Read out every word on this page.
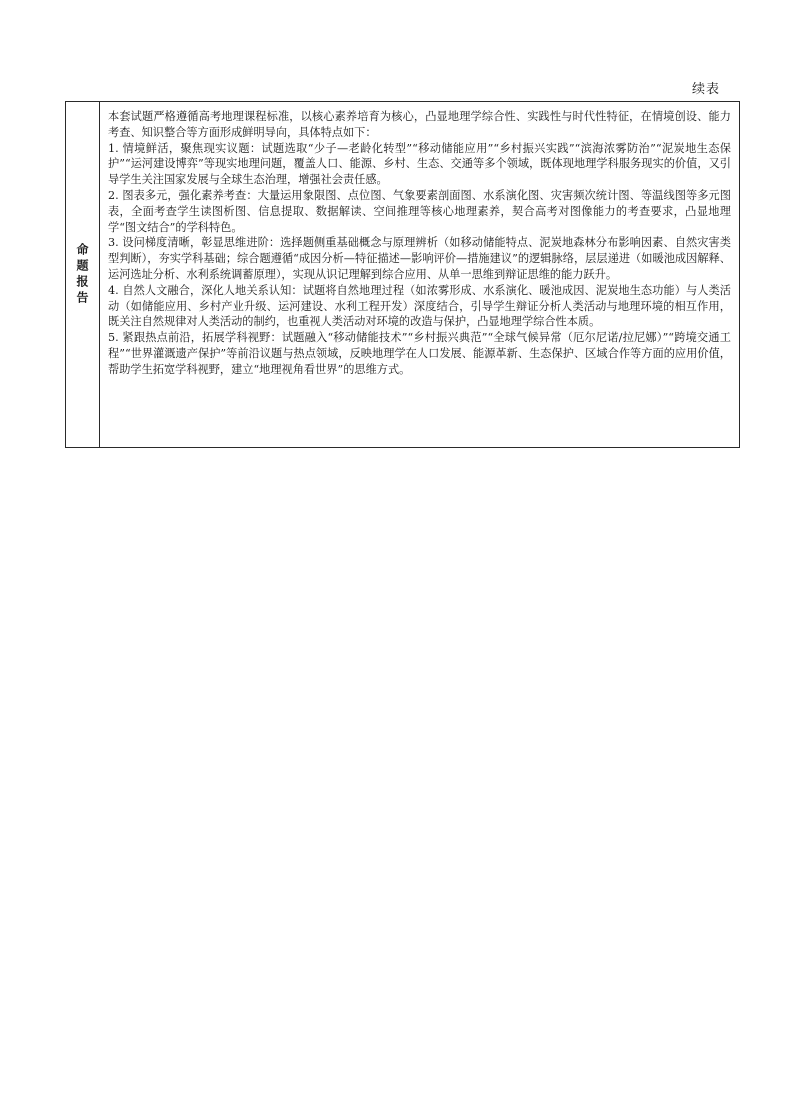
续表
命题报告

本套试题严格遵循高考地理课程标准，以核心素养培育为核心，凸显地理学综合性、实践性与时代性特征，在情境创设、能力考查、知识整合等方面形成鲜明导向，具体特点如下：

1. 情境鲜活，聚焦现实议题：试题选取“少子—老龄化转型”“移动储能应用”“乡村振兴实践”“滨海浓雾防治”“泥炭地生态保护”“运河建设博弈”等现实地理问题，覆盖人口、能源、乡村、生态、交通等多个领域，既体现地理学科服务现实的价值，又引导学生关注国家发展与全球生态治理，增强社会责任感。

2. 图表多元，强化素养考查：大量运用象限图、点位图、气象要素剖面图、水系演化图、灾害频次统计图、等温线图等多元图表，全面考查学生读图析图、信息提取、数据解读、空间推理等核心地理素养，契合高考对图像能力的考查要求，凸显地理学“图文结合”的学科特色。

3. 设问梯度清晰，彰显思维进阶：选择题侧重基础概念与原理辨析（如移动储能特点、泥炭地森林分布影响因素、自然灾害类型判断），夯实学科基础；综合题遵循“成因分析—特征描述—影响评价—措施建议”的逻辑脉络，层层递进（如暖池成因解释、运河选址分析、水利系统调蓄原理），实现从识记理解到综合应用、从单一思维到辩证思维的能力跃升。

4. 自然人文融合，深化人地关系认知：试题将自然地理过程（如浓雾形成、水系演化、暖池成因、泥炭地生态功能）与人类活动（如储能应用、乡村产业升级、运河建设、水利工程开发）深度结合，引导学生辩证分析人类活动与地理环境的相互作用，既关注自然规律对人类活动的制约，也重视人类活动对环境的改造与保护，凸显地理学综合性本质。

5. 紧跟热点前沿，拓展学科视野：试题融入“移动储能技术”“乡村振兴典范”“全球气候异常（厄尔尼诺/拉尼娜）”“跨境交通工程”“世界灌溉遗产保护”等前沿议题与热点领域，反映地理学在人口发展、能源革新、生态保护、区域合作等方面的应用价值，帮助学生拓宽学科视野，建立“地理视角看世界”的思维方式。
